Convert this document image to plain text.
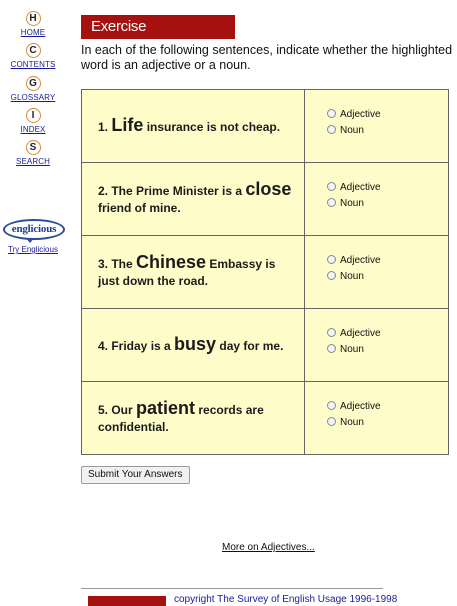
H
HOME
C
CONTENTS
G
GLOSSARY
I
INDEX
S
SEARCH
englicious
Try Englicious
Exercise
In each of the following sentences, indicate whether the highlighted word is an adjective or a noun.
1. Life insurance is not cheap.
Adjective
Noun
2. The Prime Minister is a close friend of mine.
Adjective
Noun
3. The Chinese Embassy is just down the road.
Adjective
Noun
4. Friday is a busy day for me.
Adjective
Noun
5. Our patient records are confidential.
Adjective
Noun
Submit Your Answers
More on Adjectives...
copyright The Survey of English Usage 1996-1998
